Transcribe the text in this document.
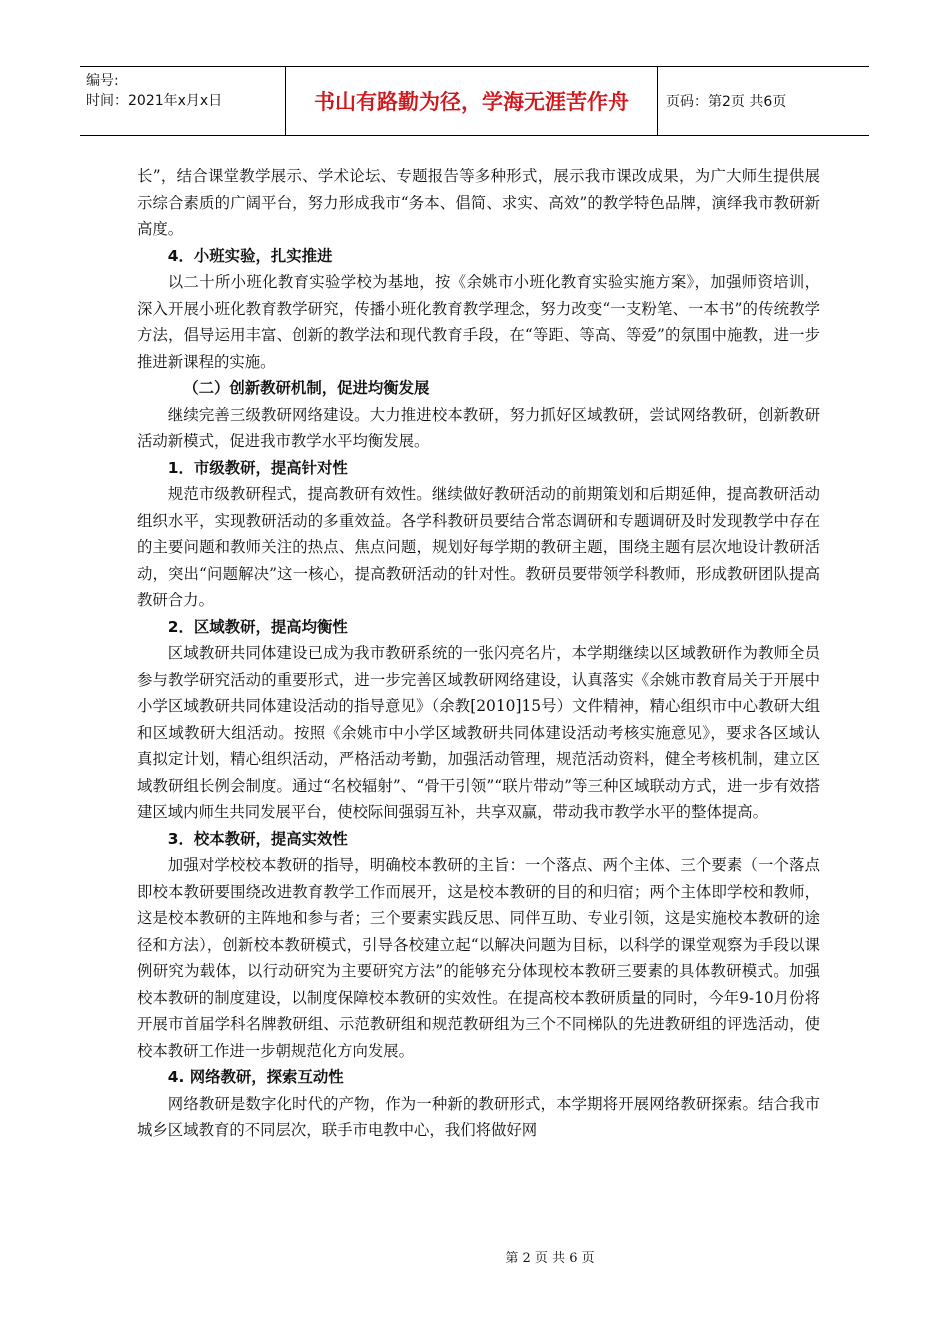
编号:
时间：2021年x月x日	书山有路勤为径，学海无涯苦作舟	页码：第2页 共6页

长”，结合课堂教学展示、学术论坛、专题报告等多种形式，展示我市课改成果，为广大师生提供展示综合素质的广阔平台，努力形成我市“务本、倡简、求实、高效”的教学特色品牌，演绎我市教研新高度。

4．小班实验，扎实推进

以二十所小班化教育实验学校为基地，按《余姚市小班化教育实验实施方案》，加强师资培训，深入开展小班化教育教学研究，传播小班化教育教学理念，努力改变“一支粉笔、一本书”的传统教学方法，倡导运用丰富、创新的教学法和现代教育手段，在“等距、等高、等爱”的氛围中施教，进一步推进新课程的实施。

（二）创新教研机制，促进均衡发展

继续完善三级教研网络建设。大力推进校本教研，努力抓好区域教研，尝试网络教研，创新教研活动新模式，促进我市教学水平均衡发展。

1．市级教研，提高针对性

规范市级教研程式，提高教研有效性。继续做好教研活动的前期策划和后期延伸，提高教研活动组织水平，实现教研活动的多重效益。各学科教研员要结合常态调研和专题调研及时发现教学中存在的主要问题和教师关注的热点、焦点问题，规划好每学期的教研主题，围绕主题有层次地设计教研活动，突出“问题解决”这一核心，提高教研活动的针对性。教研员要带领学科教师，形成教研团队提高教研合力。

2．区域教研，提高均衡性

区域教研共同体建设已成为我市教研系统的一张闪亮名片，本学期继续以区域教研作为教师全员参与教学研究活动的重要形式，进一步完善区域教研网络建设，认真落实《余姚市教育局关于开展中小学区域教研共同体建设活动的指导意见》（余教[2010]15号）文件精神，精心组织市中心教研大组和区域教研大组活动。按照《余姚市中小学区域教研共同体建设活动考核实施意见》，要求各区域认真拟定计划，精心组织活动，严格活动考勤，加强活动管理，规范活动资料，健全考核机制，建立区域教研组长例会制度。通过“名校辐射”、“骨干引领”“联片带动”等三种区域联动方式，进一步有效搭建区域内师生共同发展平台，使校际间强弱互补，共享双赢，带动我市教学水平的整体提高。

3．校本教研，提高实效性

加强对学校校本教研的指导，明确校本教研的主旨：一个落点、两个主体、三个要素（一个落点即校本教研要围绕改进教育教学工作而展开，这是校本教研的目的和归宿；两个主体即学校和教师，这是校本教研的主阵地和参与者；三个要素实践反思、同伴互助、专业引领，这是实施校本教研的途径和方法），创新校本教研模式，引导各校建立起“以解决问题为目标，以科学的课堂观察为手段以课例研究为载体，以行动研究为主要研究方法”的能够充分体现校本教研三要素的具体教研模式。加强校本教研的制度建设，以制度保障校本教研的实效性。在提高校本教研质量的同时，今年9-10月份将开展市首届学科名牌教研组、示范教研组和规范教研组为三个不同梯队的先进教研组的评选活动，使校本教研工作进一步朝规范化方向发展。

4. 网络教研，探索互动性

网络教研是数字化时代的产物，作为一种新的教研形式，本学期将开展网络教研探索。结合我市城乡区域教育的不同层次，联手市电教中心，我们将做好网

第 2 页 共 6 页
